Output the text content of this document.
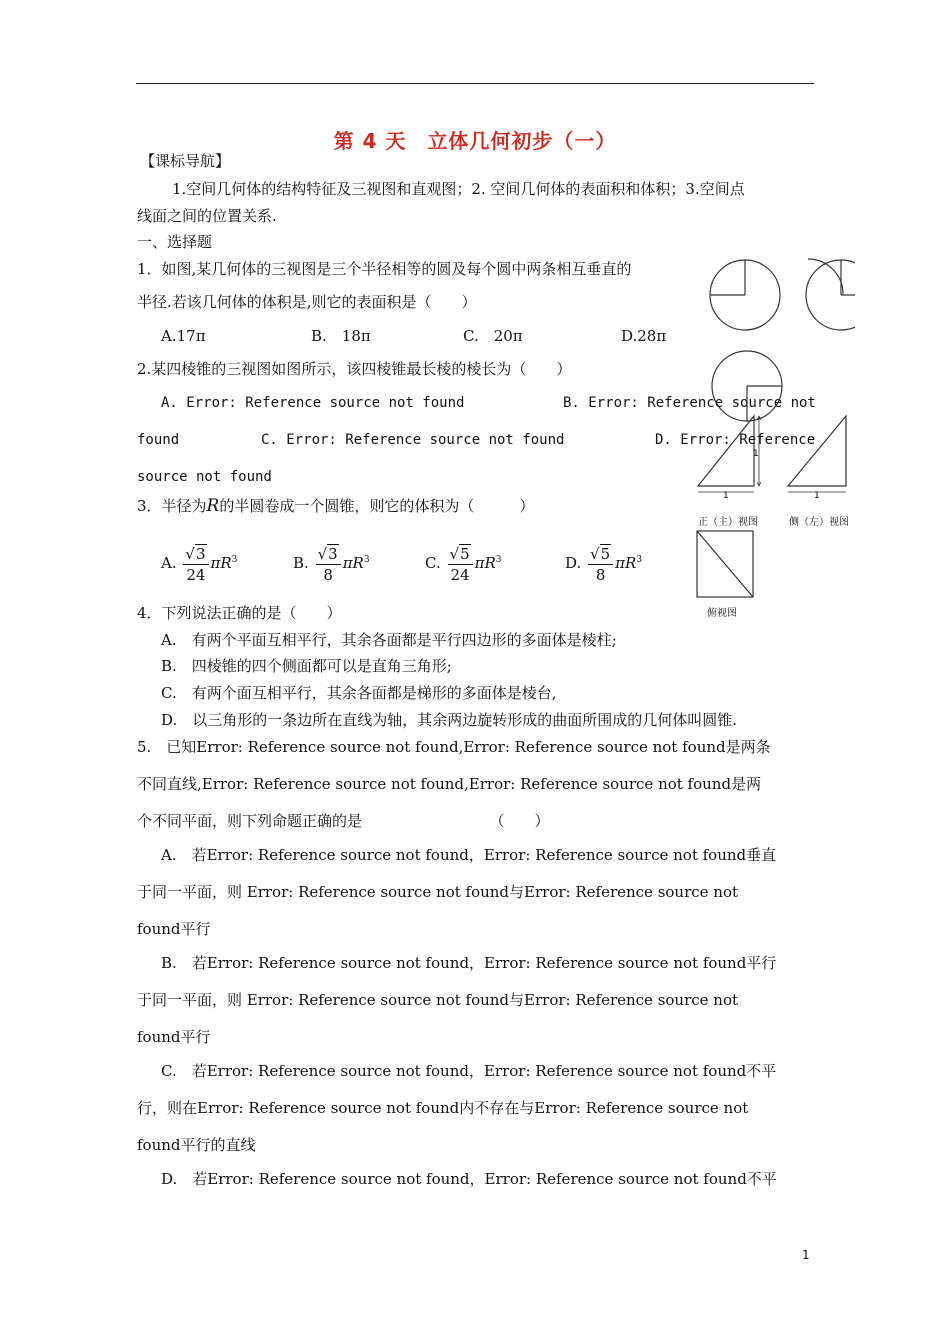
第 4 天　立体几何初步（一）
【课标导航】
1.空间几何体的结构特征及三视图和直观图；2. 空间几何体的表面积和体积；3.空间点
线面之间的位置关系.
一、选择题
1．如图,某几何体的三视图是三个半径相等的圆及每个圆中两条相互垂直的
半径.若该几何体的体积是,则它的表面积是（　　）
A.17π	B.　18π	C.　20π	D.28π
2.某四棱锥的三视图如图所示，该四棱锥最长棱的棱长为（　　）
A. Error: Reference source not found	B. Error: Reference source not
found	C. Error: Reference source not found	D. Error: Reference
source not found
3．半径为R的半圆卷成一个圆锥，则它的体积为（　　　）
A. $\frac{√3}{24} \pi R^3$	B. $\frac{√3}{8} \pi R^3$	C. $\frac{√5}{24} \pi R^3$	D. $\frac{√5}{8} \pi R^3$
4．下列说法正确的是（　　）
A.　有两个平面互相平行，其余各面都是平行四边形的多面体是棱柱;
B.　四棱锥的四个侧面都可以是直角三角形;
C.　有两个面互相平行，其余各面都是梯形的多面体是棱台,
D.　以三角形的一条边所在直线为轴，其余两边旋转形成的曲面所围成的几何体叫圆锥.
5.　已知Error: Reference source not found,Error: Reference source not found是两条
不同直线,Error: Reference source not found,Error: Reference source not found是两
个不同平面，则下列命题正确的是　　　　　　　　　（　　）
A.　若Error: Reference source not found，Error: Reference source not found垂直
于同一平面，则 Error: Reference source not found与Error: Reference source not
found平行
B.　若Error: Reference source not found，Error: Reference source not found平行
于同一平面，则 Error: Reference source not found与Error: Reference source not
found平行
C.　若Error: Reference source not found，Error: Reference source not found不平
行，则在Error: Reference source not found内不存在与Error: Reference source not
found平行的直线
D.　若Error: Reference source not found，Error: Reference source not found不平
1
1	1
正（主）视图	侧（左）视图
俯视图
1
